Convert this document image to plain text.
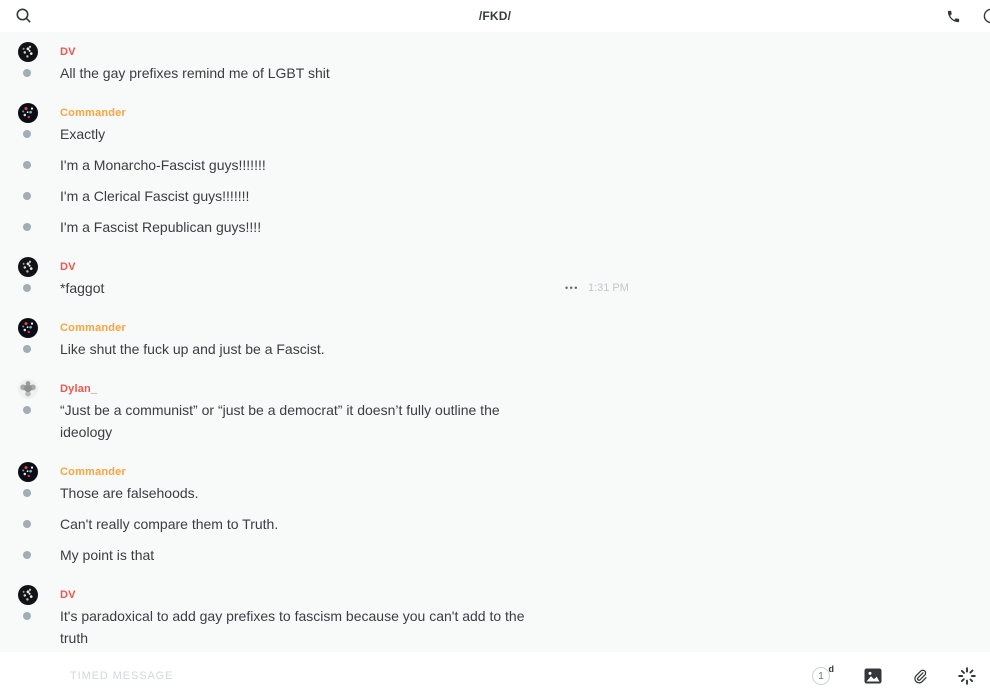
/FKD/
DV

All the gay prefixes remind me of LGBT shit

Commander

Exactly

I'm a Monarcho-Fascist guys!!!!!!!

I'm a Clerical Fascist guys!!!!!!!

I'm a Fascist Republican guys!!!!

DV

*faggot	••• 1:31 PM
Commander

Like shut the fuck up and just be a Fascist.

Dylan_

“Just be a communist” or “just be a democrat” it doesn’t fully outline the ideology

Commander

Those are falsehoods.

Can't really compare them to Truth.

My point is that

DV

It's paradoxical to add gay prefixes to fascism because you can't add to the truth

TIMED MESSAGE
1
d
